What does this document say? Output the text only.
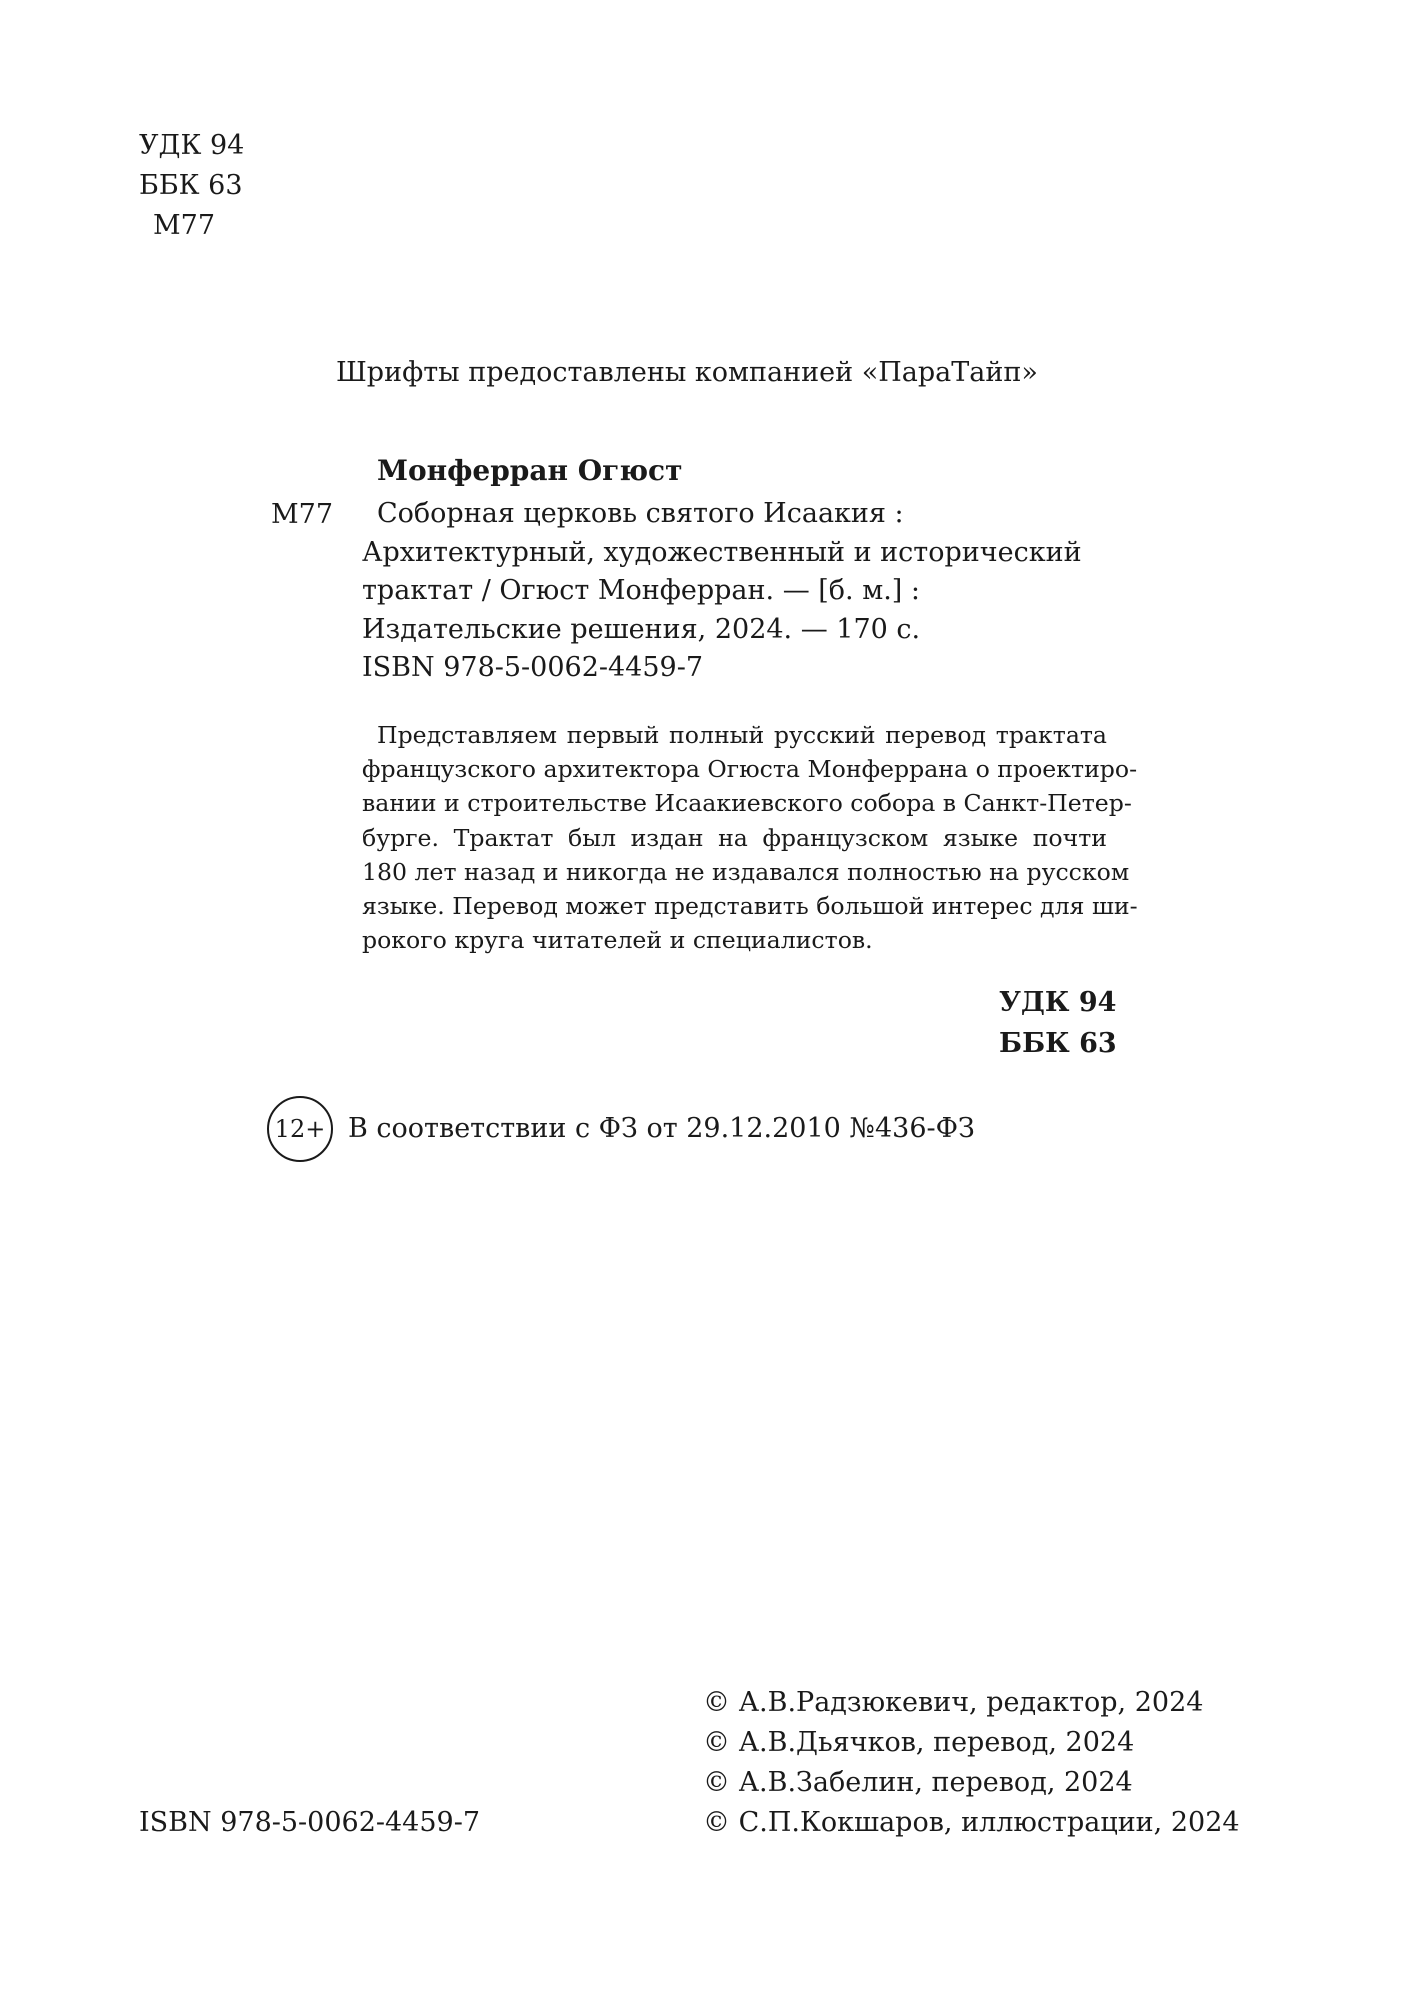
УДК 94

ББК 63

М77

Шрифты предоставлены компанией «ПараТайп»

Монферран Огюст

М77	Соборная церковь святого Исаакия :
Архитектурный, художественный и исторический
трактат / Огюст Монферран. — [б. м.] :
Издательские решения, 2024. — 170 с.
ISBN 978-5-0062-4459-7
Представляем первый полный русский перевод трактата
французского архитектора Огюста Монферрана о проектиро-
вании и строительстве Исаакиевского собора в Санкт-Петер-
бурге. Трактат был издан на французском языке почти
180 лет назад и никогда не издавался полностью на русском
языке. Перевод может представить большой интерес для ши-
рокого круга читателей и специалистов.

УДК 94

ББК 63

12+ В соответствии с ФЗ от 29.12.2010 №436-ФЗ

© А.В.Радзюкевич, редактор, 2024

© А.В.Дьячков, перевод, 2024

© А.В.Забелин, перевод, 2024

© С.П.Кокшаров, иллюстрации, 2024

ISBN 978-5-0062-4459-7
